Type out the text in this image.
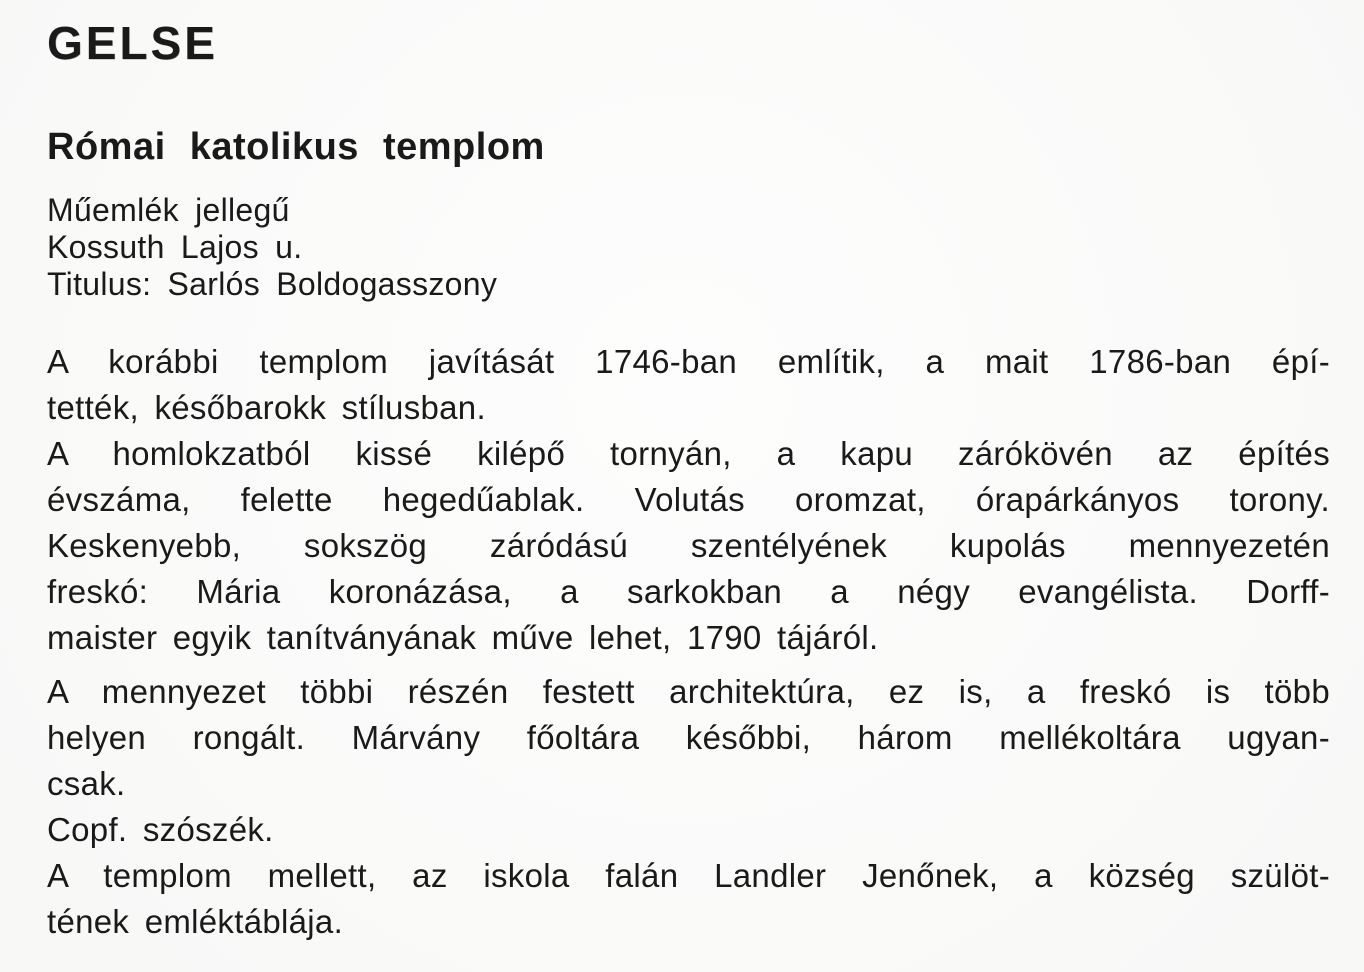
GELSE
Római katolikus templom
Műemlék jellegű
Kossuth Lajos u.
Titulus: Sarlós Boldogasszony
A korábbi templom javítását 1746-ban említik, a mait 1786-ban épí-
tették, későbarokk stílusban.
A homlokzatból kissé kilépő tornyán, a kapu zárókövén az építés
évszáma, felette hegedűablak. Volutás oromzat, órapárkányos torony.
Keskenyebb, sokszög záródású szentélyének kupolás mennyezetén
freskó: Mária koronázása, a sarkokban a négy evangélista. Dorff-
maister egyik tanítványának műve lehet, 1790 tájáról.
A mennyezet többi részén festett architektúra, ez is, a freskó is több
helyen rongált. Márvány főoltára későbbi, három mellékoltára ugyan-
csak.
Copf. szószék.
A templom mellett, az iskola falán Landler Jenőnek, a község szülöt-
tének emléktáblája.
